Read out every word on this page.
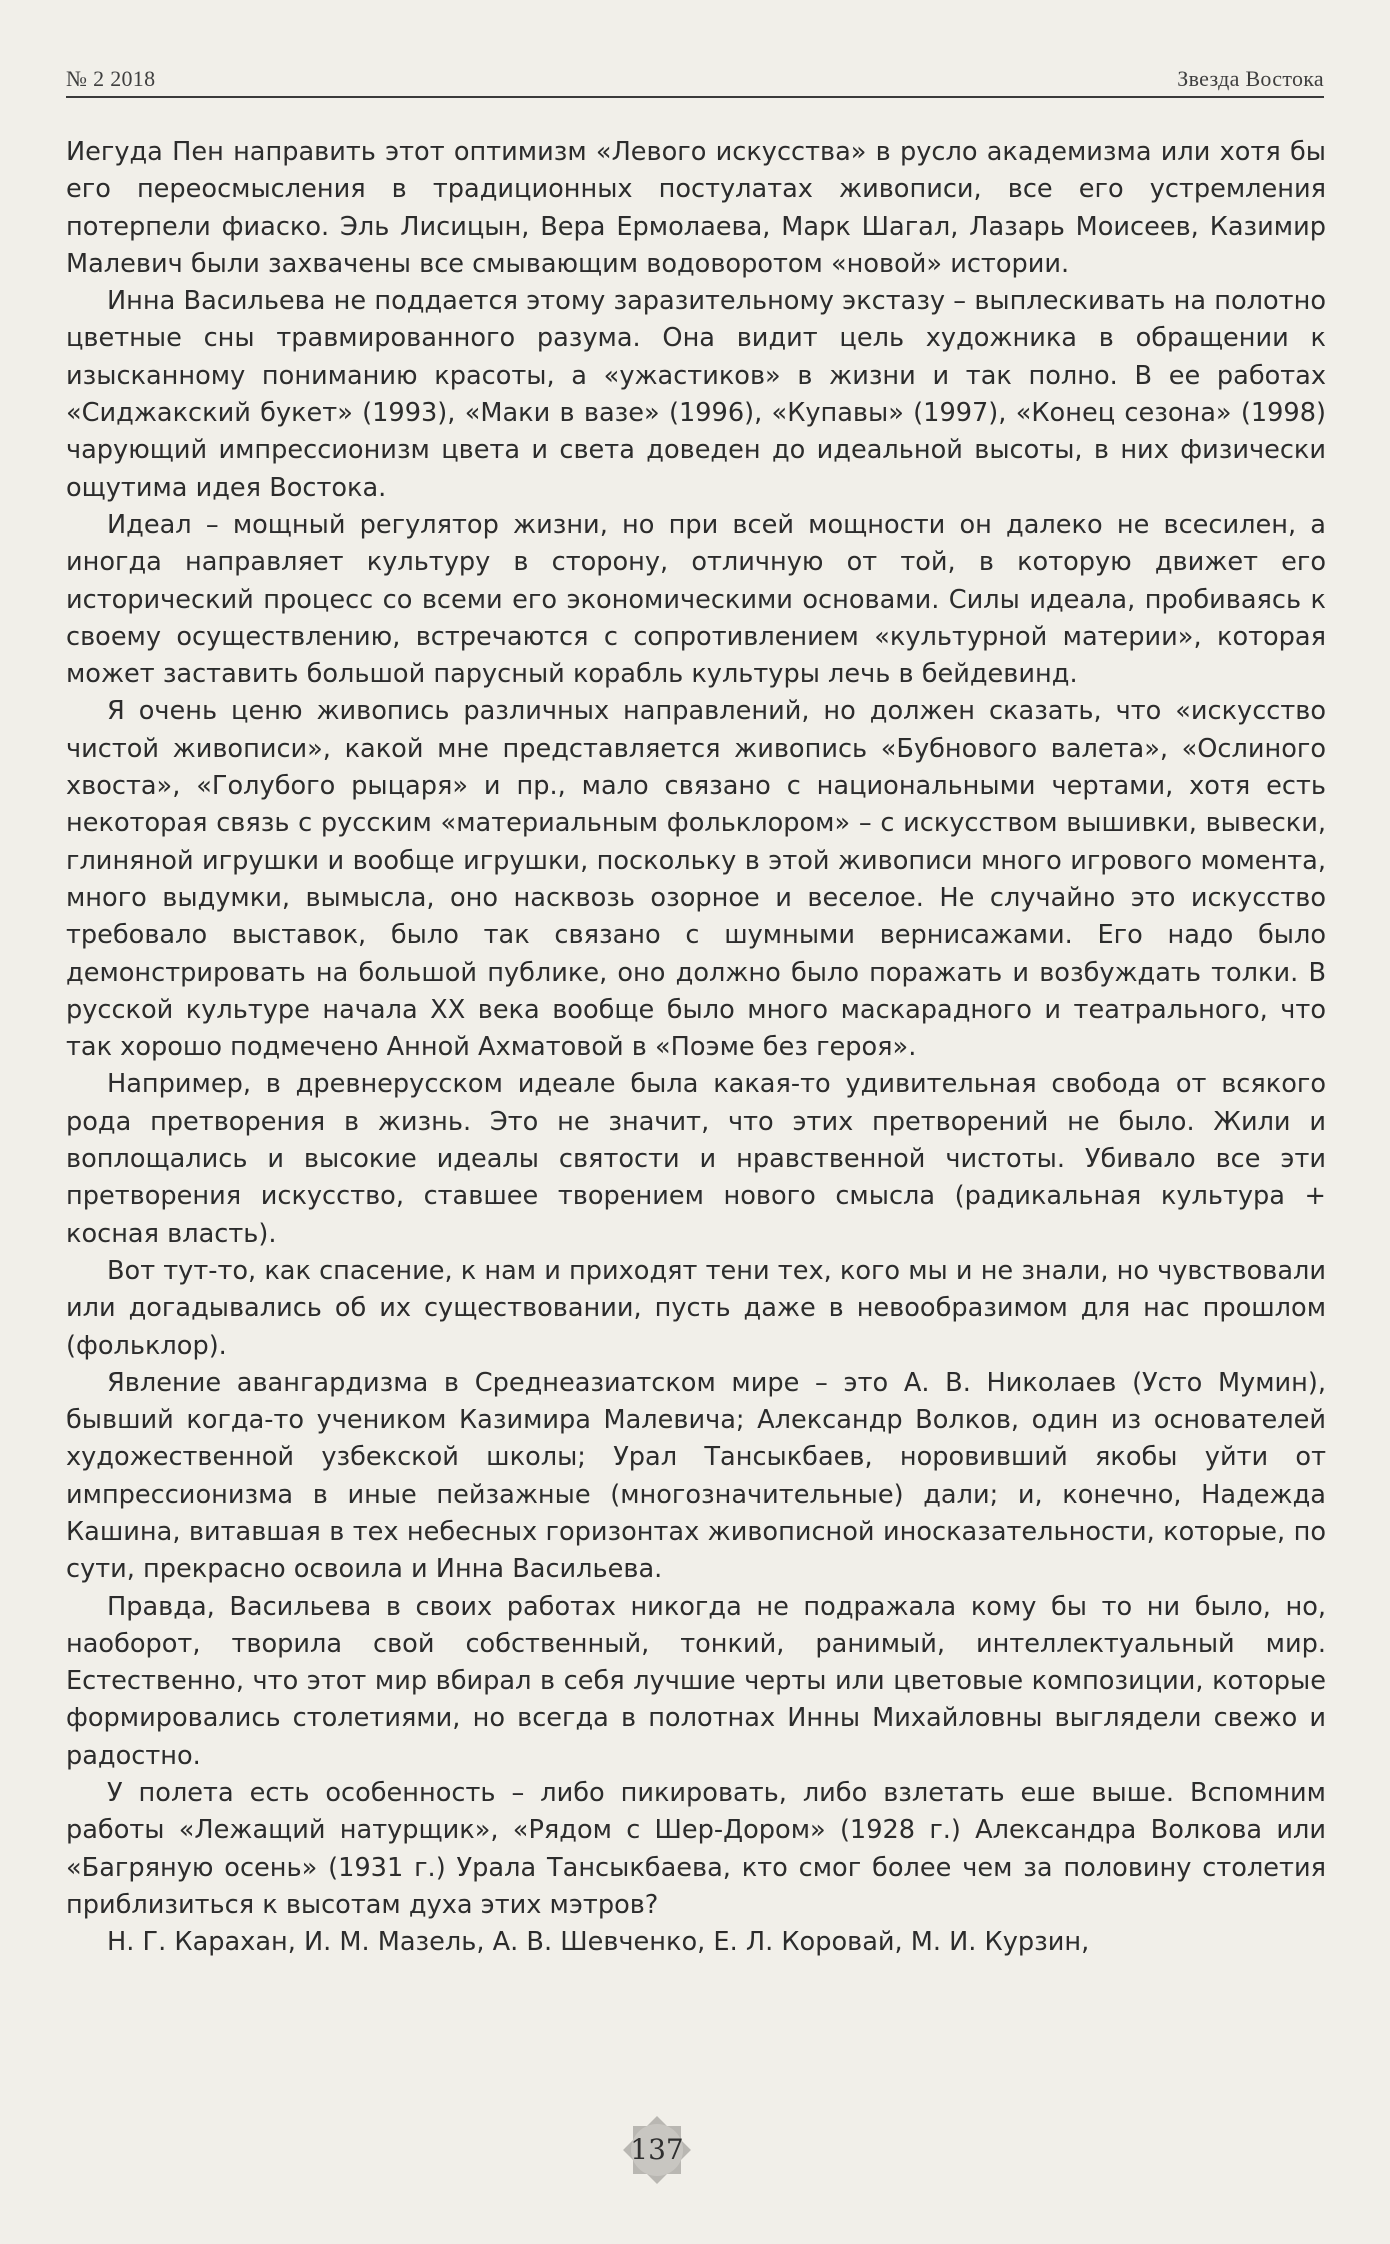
№ 2 2018	Звезда Востока

Иегуда Пен направить этот оптимизм «Левого искусства» в русло академизма или хотя бы его переосмысления в традиционных постулатах живописи, все его устремления потерпели фиаско. Эль Лисицын, Вера Ермолаева, Марк Шагал, Лазарь Моисеев, Казимир Малевич были захвачены все смывающим водоворотом «новой» истории.

Инна Васильева не поддается этому заразительному экстазу – выплескивать на полотно цветные сны травмированного разума. Она видит цель художника в обращении к изысканному пониманию красоты, а «ужастиков» в жизни и так полно. В ее работах «Сиджакский букет» (1993), «Маки в вазе» (1996), «Купавы» (1997), «Конец сезона» (1998) чарующий импрессионизм цвета и света доведен до идеальной высоты, в них физически ощутима идея Востока.

Идеал – мощный регулятор жизни, но при всей мощности он далеко не всесилен, а иногда направляет культуру в сторону, отличную от той, в которую движет его исторический процесс со всеми его экономическими основами. Силы идеала, пробиваясь к своему осуществлению, встречаются с сопротивлением «культурной материи», которая может заставить большой парусный корабль культуры лечь в бейдевинд.

Я очень ценю живопись различных направлений, но должен сказать, что «искусство чистой живописи», какой мне представляется живопись «Бубнового валета», «Ослиного хвоста», «Голубого рыцаря» и пр., мало связано с национальными чертами, хотя есть некоторая связь с русским «материальным фольклором» – с искусством вышивки, вывески, глиняной игрушки и вообще игрушки, поскольку в этой живописи много игрового момента, много выдумки, вымысла, оно насквозь озорное и веселое. Не случайно это искусство требовало выставок, было так связано с шумными вернисажами. Его надо было демонстрировать на большой публике, оно должно было поражать и возбуждать толки. В русской культуре начала XX века вообще было много маскарадного и театрального, что так хорошо подмечено Анной Ахматовой в «Поэме без героя».

Например, в древнерусском идеале была какая-то удивительная свобода от всякого рода претворения в жизнь. Это не значит, что этих претворений не было. Жили и воплощались и высокие идеалы святости и нравственной чистоты. Убивало все эти претворения искусство, ставшее творением нового смысла (радикальная культура + косная власть).

Вот тут-то, как спасение, к нам и приходят тени тех, кого мы и не знали, но чувствовали или догадывались об их существовании, пусть даже в невообразимом для нас прошлом (фольклор).

Явление авангардизма в Среднеазиатском мире – это А. В. Николаев (Усто Мумин), бывший когда-то учеником Казимира Малевича; Александр Волков, один из основателей художественной узбекской школы; Урал Тансыкбаев, норовивший якобы уйти от импрессионизма в иные пейзажные (многозначительные) дали; и, конечно, Надежда Кашина, витавшая в тех небесных горизонтах живописной иносказательности, которые, по сути, прекрасно освоила и Инна Васильева.

Правда, Васильева в своих работах никогда не подражала кому бы то ни было, но, наоборот, творила свой собственный, тонкий, ранимый, интеллектуальный мир. Естественно, что этот мир вбирал в себя лучшие черты или цветовые композиции, которые формировались столетиями, но всегда в полотнах Инны Михайловны выглядели свежо и радостно.

У полета есть особенность – либо пикировать, либо взлетать еше выше. Вспомним работы «Лежащий натурщик», «Рядом с Шер-Дором» (1928 г.) Александра Волкова или «Багряную осень» (1931 г.) Урала Тансыкбаева, кто смог более чем за половину столетия приблизиться к высотам духа этих мэтров?

Н. Г. Карахан, И. М. Мазель, А. В. Шевченко, Е. Л. Коровай, М. И. Курзин,

137
